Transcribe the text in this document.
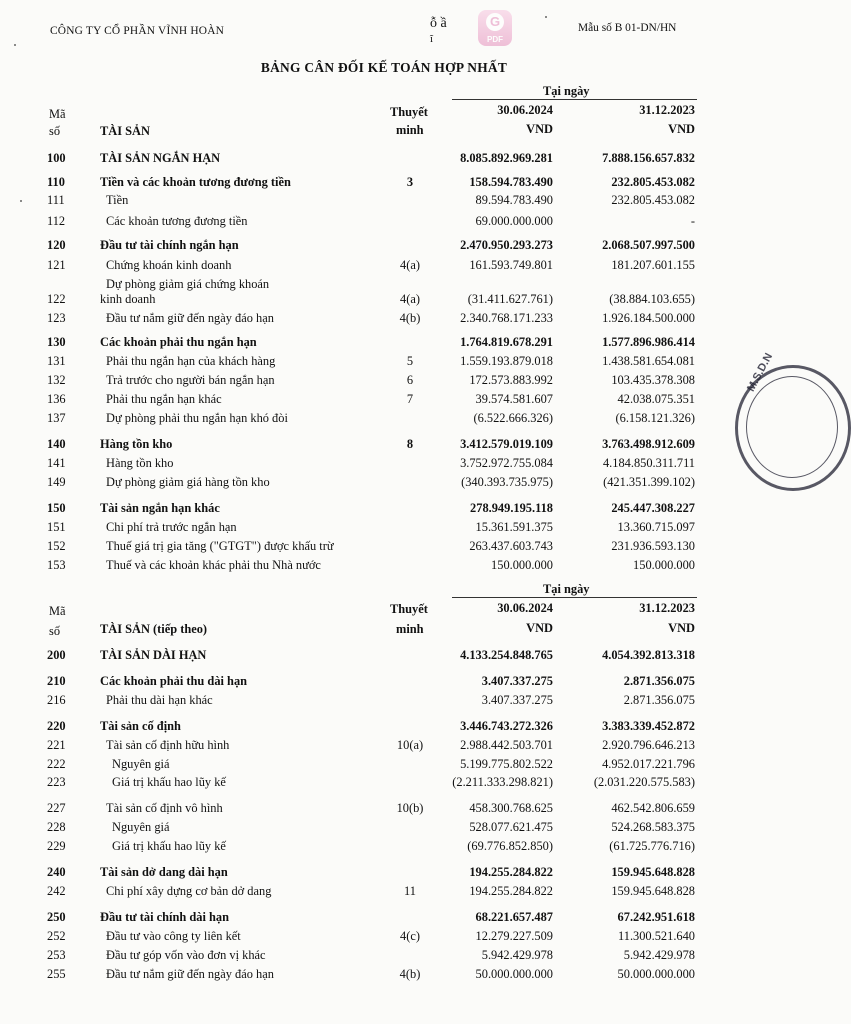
CÔNG TY CỔ PHẦN VĨNH HOÀN	ỗ ầ
ĩ
G
PDF
Mẫu số B 01-DN/HN
BẢNG CÂN ĐỐI KẾ TOÁN HỢP NHẤT
M.S.D.N
Tại ngày
Mã
số	TÀI SẢN
Thuyết
minh
30.06.2024	31.12.2023
VND	VND
100	TÀI SẢN NGẮN HẠN	8.085.892.969.281	7.888.156.657.832
110	Tiền và các khoản tương đương tiền	3	158.594.783.490	232.805.453.082
111	Tiền	89.594.783.490	232.805.453.082
112	Các khoản tương đương tiền	69.000.000.000	-
120	Đầu tư tài chính ngắn hạn	2.470.950.293.273	2.068.507.997.500
121	Chứng khoán kinh doanh	4(a)	161.593.749.801	181.207.601.155
Dự phòng giảm giá chứng khoán
122	kinh doanh	4(a)	(31.411.627.761)	(38.884.103.655)
123	Đầu tư nắm giữ đến ngày đáo hạn	4(b)	2.340.768.171.233	1.926.184.500.000
130	Các khoản phải thu ngắn hạn	1.764.819.678.291	1.577.896.986.414
131	Phải thu ngắn hạn của khách hàng	5	1.559.193.879.018	1.438.581.654.081
132	Trả trước cho người bán ngắn hạn	6	172.573.883.992	103.435.378.308
136	Phải thu ngắn hạn khác	7	39.574.581.607	42.038.075.351
137	Dự phòng phải thu ngắn hạn khó đòi	(6.522.666.326)	(6.158.121.326)
140	Hàng tồn kho	8	3.412.579.019.109	3.763.498.912.609
141	Hàng tồn kho	3.752.972.755.084	4.184.850.311.711
149	Dự phòng giảm giá hàng tồn kho	(340.393.735.975)	(421.351.399.102)
150	Tài sản ngắn hạn khác	278.949.195.118	245.447.308.227
151	Chi phí trả trước ngắn hạn	15.361.591.375	13.360.715.097
152	Thuế giá trị gia tăng ("GTGT") được khấu trừ	263.437.603.743	231.936.593.130
153	Thuế và các khoản khác phải thu Nhà nước	150.000.000	150.000.000
Tại ngày
Mã
số	TÀI SẢN (tiếp theo)
Thuyết
minh
30.06.2024	31.12.2023
VND	VND
200	TÀI SẢN DÀI HẠN	4.133.254.848.765	4.054.392.813.318
210	Các khoản phải thu dài hạn	3.407.337.275	2.871.356.075
216	Phải thu dài hạn khác	3.407.337.275	2.871.356.075
220	Tài sản cố định	3.446.743.272.326	3.383.339.452.872
221	Tài sản cố định hữu hình	10(a)	2.988.442.503.701	2.920.796.646.213
222	Nguyên giá	5.199.775.802.522	4.952.017.221.796
223	Giá trị khấu hao lũy kế	(2.211.333.298.821)	(2.031.220.575.583)
227	Tài sản cố định vô hình	10(b)	458.300.768.625	462.542.806.659
228	Nguyên giá	528.077.621.475	524.268.583.375
229	Giá trị khấu hao lũy kế	(69.776.852.850)	(61.725.776.716)
240	Tài sản dở dang dài hạn	194.255.284.822	159.945.648.828
242	Chi phí xây dựng cơ bản dở dang	11	194.255.284.822	159.945.648.828
250	Đầu tư tài chính dài hạn	68.221.657.487	67.242.951.618
252	Đầu tư vào công ty liên kết	4(c)	12.279.227.509	11.300.521.640
253	Đầu tư góp vốn vào đơn vị khác	5.942.429.978	5.942.429.978
255	Đầu tư nắm giữ đến ngày đáo hạn	4(b)	50.000.000.000	50.000.000.000
